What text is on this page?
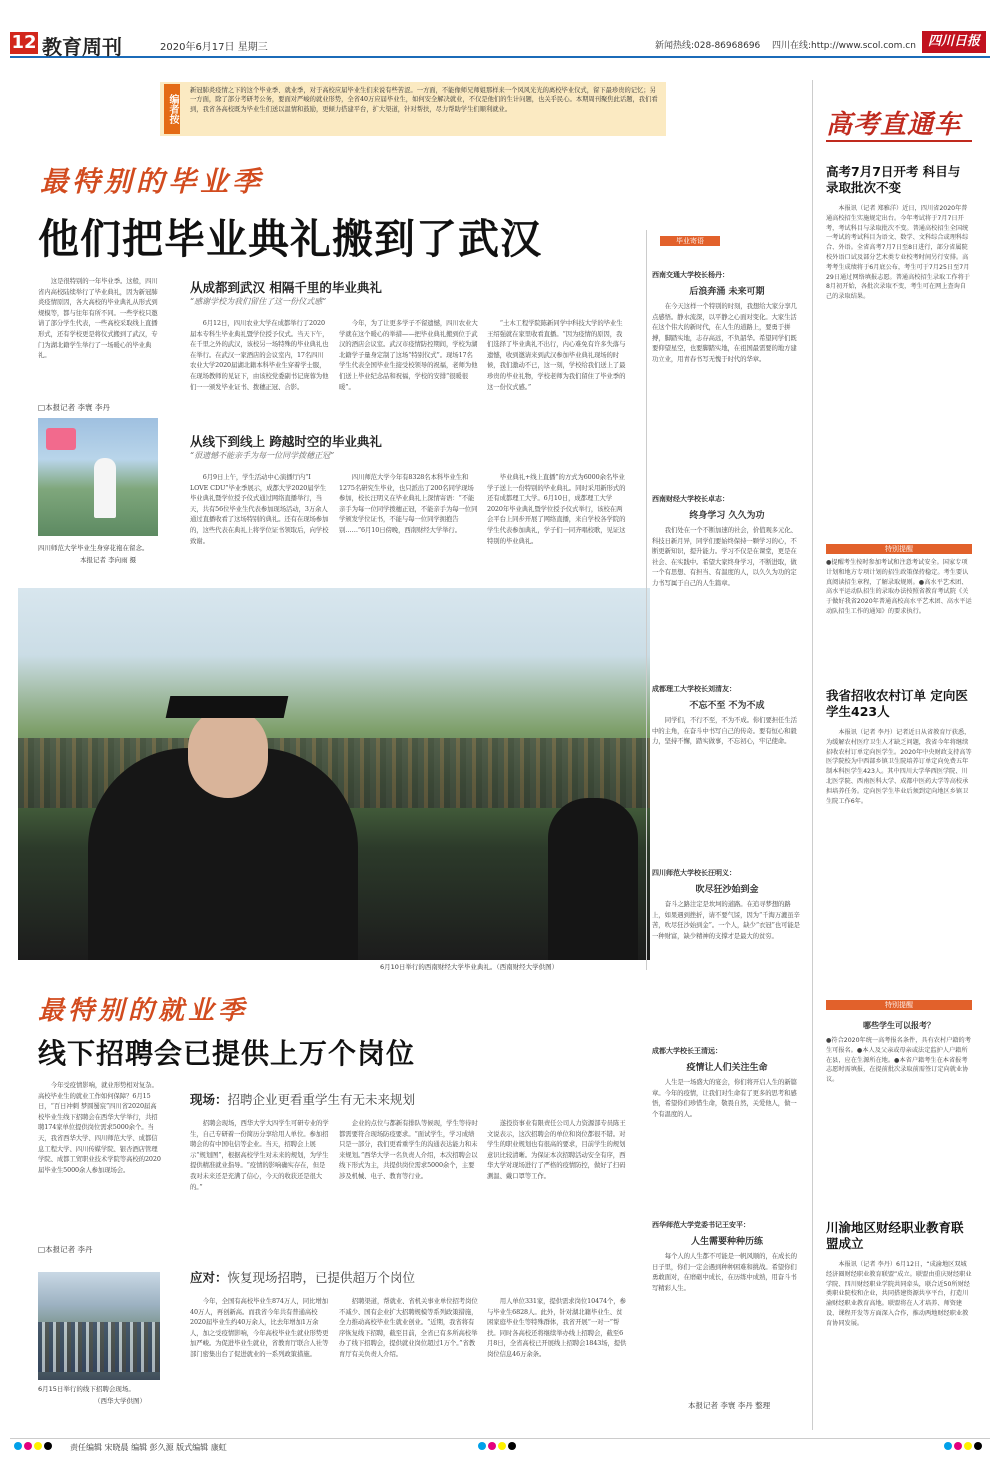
12 教育周刊	2020年6月17日 星期三	新闻热线:028-86968696 四川在线:http://www.scol.com.cn 四川日报
编者按
新冠肺炎疫情之下的这个毕业季、就业季，对于高校应届毕业生们来说有些苦涩。一方面，不能像师兄师姐那样来一个风风光光的离校毕业仪式，留下最珍贵的记忆；另一方面，除了部分考研考公务，要面对严峻的就业形势，全省40万应届毕业生，如何安全解决就业，不仅是他们的生计问题，也关乎民心。本期周刊聚焦此话题，我们看到，我省各高校既为毕业生们送以温情和鼓励，更倾力搭建平台，扩大渠道，针对帮扶，尽力帮助学生们顺利就业。
最特别的毕业季
他们把毕业典礼搬到了武汉
这是很特别的一年毕业季。这般，四川省内高校陆续举行了毕业典礼，因为新冠肺炎疫情原因，各大高校的毕业典礼从形式到规模等，都与往年有所不同。一些学校只邀请了部分学生代表，一些高校采取线上直播形式，还有学校更是将仪式搬到了武汉，专门为湖北籍学生举行了一场暖心的毕业典礼。
□本报记者 李寰 李丹
四川师范大学毕业生身穿花袍在留念。
本报记者 李向雨 摄
从成都到武汉 相隔千里的毕业典礼
“感谢学校为我们留住了这一份仪式感”

6月12日，四川农业大学在成都举行了2020届本专科生毕业典礼暨学位授予仪式。当天下午，在千里之外的武汉，该校另一场特殊的毕业典礼也在举行。在武汉一家酒店的会议室内，17名四川农业大学2020届湖北籍本科毕业生穿着学士服，在现场教师的见证下，由该校党委副书记庞蓉为他们一一颁发毕业证书、拨穗正冠、合影。

今年，为了让更多学子不留遗憾，四川农业大学就在这个暖心的举措——把毕业典礼搬到位于武汉的酒店会议室。武汉市疫情防控期间，学校为湖北籍学子量身定制了这场“特别仪式”。现场17名学生代表全国毕业生接受校领导的祝福，老师为他们送上毕业纪念品和祝福，学校的安排“很暖很暖”。

“土木工程学院陈新同学中科技大学的毕业生王绍强就在家里收看直播。“因为疫情的原因，我们选择了毕业典礼不出行，内心难免有许多失落与遗憾，收到邀请来到武汉参加毕业典礼现场的时候，我们激动不已，这一刻，学校给我们送上了最珍贵的毕业礼物，学校老师为我们留住了毕业季的这一份仪式感。”

从线下到线上 跨越时空的毕业典礼
“很遗憾不能亲手为每一位同学拨穗正冠”

6月9日上午，学生活动中心演播厅内“I LOVE CDU”毕业季展示，成都大学2020届学生毕业典礼暨学位授予仪式通过网络直播举行，当天，共有56位毕业生代表参加现场活动，3万余人通过直播收看了这场特别的典礼。还有在现场参加的，这些代表在典礼上将学位证书领取后，向学校致谢。

四川师范大学今年有8328名本科毕业生和1275名研究生毕业，也只派出了200名同学现场参加，校长汪明义在毕业典礼上深情寄语：“不能亲手为每一位同学拨穗正冠，不能亲手为每一位同学颁发学位证书，不能与每一位同学拥抱告别……”6月10日傍晚，西南财经大学举行。

毕业典礼+线上直播”的方式为6000余名毕业学子送上一份特别的毕业典礼。同时采用新形式的还有成都理工大学。6月10日，成都理工大学2020年毕业典礼暨学位授予仪式举行，该校在两会平台上同步开展了网络直播，来自学校各学院的学生代表参加典礼，学子们一同齐唱校歌，见证这特别的毕业典礼。

6月10日举行的西南财经大学毕业典礼。（西南财经大学供图）
毕业寄语
西南交通大学校长杨丹：
后浪奔涌 未来可期
在今天这样一个特别的时刻，我想给大家分享几点感悟。静水流深，以平静之心面对变化。大家生活在这个伟大的新时代，在人生的道路上，要勇于拼搏，脚踏实地，志存高远，不负韶华。希望同学们既要仰望星空，也要脚踏实地，在祖国最需要的地方建功立业，用青春书写无愧于时代的华章。
西南财经大学校长卓志：
终身学习 久久为功
我们处在一个不断加速的社会，价值观多元化、科技日新月异，同学们要始终保持一颗学习的心，不断更新知识，提升能力。学习不仅是在课堂，更是在社会、在实践中。希望大家终身学习，不断进取，做一个有思想、有担当、有温度的人，以久久为功的定力书写属于自己的人生篇章。
成都理工大学校长刘清友：
不忘不至 不为不成
同学们，不行不至，不为不成。你们要担任生活中的主角，在奋斗中书写自己的传奇。要有恒心和毅力，坚持不懈，踏实做事，不忘初心，牢记使命。
四川师范大学校长汪明义：
吹尽狂沙始到金
奋斗之路注定是坎坷的道路。在追寻梦想的路上，如果遇到挫折，请不要气馁，因为“千淘万漉虽辛苦，吹尽狂沙始到金”。一个人，缺少“衣冠”也可能是一种财富，缺少精神的支撑才是最大的贫穷。
成都大学校长王清远：
疫情让人们关注生命
人生是一场盛大的宴会，你们将开启人生的新篇章。今年的疫情，让我们对生命有了更多的思考和感悟，希望你们珍惜生命，敬畏自然，关爱他人，做一个有温度的人。
西华师范大学党委书记王安平：
人生需要种种历练
每个人的人生都不可能是一帆风顺的，在成长的日子里，你们一定会遇到种种困难和挑战。希望你们勇敢面对，在磨砺中成长，在历练中成熟，用奋斗书写精彩人生。
本报记者 李寰 李丹 整理
最特别的就业季
线下招聘会已提供上万个岗位
今年受疫情影响，就业形势相对复杂。高校毕业生的就业工作如何保障？6月15日，“百日冲刺 梦圆蜀宸”四川省2020届高校毕业生线下招聘会在西华大学举行，共招聘174家单位提供岗位需求5000余个。当天，我省西华大学、四川师范大学、成都信息工程大学、四川传媒学院、银杏酒店管理学院、成都工贸职业技术学院等高校的2020届毕业生5000余人参加现场会。
□本报记者 李丹
6月15日举行的线下招聘会现场。
（西华大学供图）
现场：招聘企业更看重学生有无未来规划

招聘会现场，西华大学大四学生可研专业的学生，自己专研着一份简历分享给用人单位。参加招聘会的有中国电信等企业。当天，招聘会上展示“规划图”，根据高校学生对未来的规划，为学生提供精准就业指导。“疫情的影响确实存在，但是我对未来还是充满了信心，今天的收获还是很大的。”

企业的点位与都新有排队等候现，学生等待时都需要符合现场防疫要求。“面试学生，学习成绩只是一部分，我们更看重学生的沟通表达能力和未来规划。”西华大学一名负责人介绍，本次招聘会以线下形式为主，共提供岗位需求5000余个，主要涉及机械、电子、教育等行业。

遂投资事业有限责任公司人力资源部专员陈王文说表示，这次招聘会的单位和岗位都很不错。对学生的职业规划也有很高的要求，目前学生的规划意识比较清晰。为保证本次招聘活动安全有序，西华大学对现场进行了严格的疫情防控，做好了扫码测温、戴口罩等工作。

应对：恢复现场招聘，已提供超万个岗位

今年，全国有高校毕业生874万人，同比增加40万人，再创新高。而我省今年共有普通高校2020届毕业生约40万余人，比去年增加1万余人，加之受疫情影响，今年高校毕业生就业形势更加严峻。为促进毕业生就业，省教育厅联合人社等部门密集出台了促进就业的一系列政策措施。

招聘渠道，帮就业、省机关事业单位招考岗位不减少、国有企业扩大招聘规模等系列政策措施，全力推动高校毕业生就业创业。“近期，我省将有序恢复线下招聘，截至目前，全省已有多所高校举办了线下招聘会，提供就业岗位超过1万个。”省教育厅有关负责人介绍。

用人单位331家，提供需求岗位10474个，参与毕业生6828人。此外，针对湖北籍毕业生、贫困家庭毕业生等特殊群体，我省开展“一对一”帮扶。同时各高校还将继续举办线上招聘会，截至6月8日，全省高校已开展线上招聘会1843场，提供岗位信息46万余条。

高考直通车
高考7月7日开考 科目与录取批次不变
本报讯（记者 郑雅洋）近日，四川省2020年普通高校招生实施规定出台。今年考试将于7月7日开考，考试科目与录取批次不变。普通高校招生全国统一考试的考试科目为语文、数学、文科综合或理科综合、外语。全省高考7月7日至8日进行，部分省属院校外语口试及部分艺术类专业校考时间另行安排。高考考生成绩将于6月底公布，考生可于7月25日至7月29日通过网络填报志愿。普通高校招生录取工作将于8月初开始，各批次录取不变，考生可在网上查询自己的录取结果。
特别提醒
●提醒考生按时参加考试和注意考试安全。国家专项计划和地方专项计划的招生政策保持稳定。考生要认真阅读招生章程，了解录取规则。●高水平艺术团、高水平运动队招生的录取办法按照省教育考试院《关于做好我省2020年普通高校高水平艺术团、高水平运动队招生工作的通知》的要求执行。
我省招收农村订单 定向医学生423人
本报讯（记者 李丹）记者近日从省教育厅获悉，为缓解农村医疗卫生人才缺乏问题，我省今年将继续招收农村订单定向医学生。2020年中央财政支持高等医学院校为中西部乡镇卫生院培养订单定向免费五年制本科医学生423人。其中四川大学华西医学院、川北医学院、西南医科大学、成都中医药大学等高校承担培养任务。定向医学生毕业后须到定向地区乡镇卫生院工作6年。
特别提醒
哪些学生可以报考？
●符合2020年统一高考报名条件，具有农村户籍的考生可报名。●本人及父亲或母亲或法定监护人户籍所在县，应在生源所在地。●本省户籍考生在本省报考志愿时需填报，在提前批次录取前需签订定向就业协议。
川渝地区财经职业教育联盟成立
本报讯（记者 李丹）6月12日，“成渝地区双城经济圈财经职业教育联盟”成立。联盟由重庆财经职业学院、四川财经职业学院共同牵头，联合近50所财经类职业院校和企业，共同搭建资源共享平台，打造川渝财经职业教育高地。联盟将在人才培养、师资建设、课程开发等方面深入合作，推动两地财经职业教育协同发展。
责任编辑 宋晓晨 编辑 彭久源 版式编辑 康虹
